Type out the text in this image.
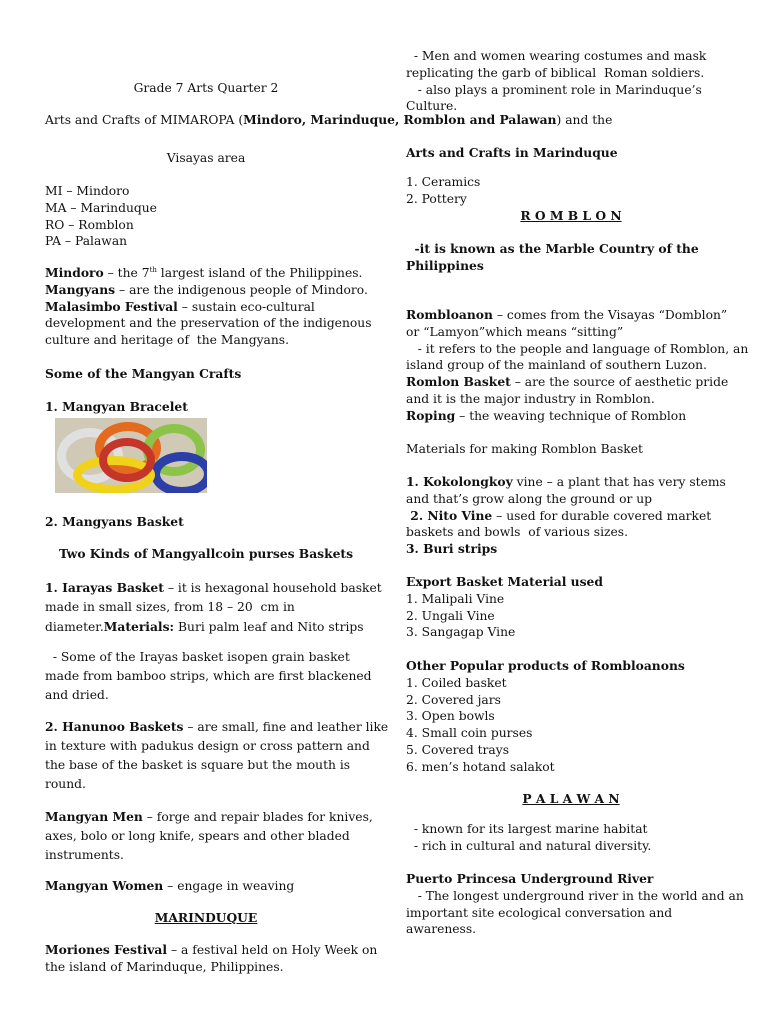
Grade 7 Arts Quarter 2
Arts and Crafts of MIMAROPA (Mindoro, Marinduque, Romblon and Palawan) and the
Visayas area
MI – Mindoro
MA – Marinduque
RO – Romblon
PA – Palawan
Mindoro – the 7th largest island of the Philippines.
Mangyans – are the indigenous people of Mindoro.
Malasimbo Festival – sustain eco-cultural
development and the preservation of the indigenous
culture and heritage of  the Mangyans.
Some of the Mangyan Crafts
1. Mangyan Bracelet
2. Mangyans Basket
Two Kinds of Mangyallcoin purses Baskets
1. Iarayas Basket – it is hexagonal household basket
made in small sizes, from 18 – 20  cm in
diameter.Materials: Buri palm leaf and Nito strips
- Some of the Irayas basket isopen grain basket
made from bamboo strips, which are first blackened
and dried.
2. Hanunoo Baskets – are small, fine and leather like
in texture with padukus design or cross pattern and
the base of the basket is square but the mouth is
round.
Mangyan Men – forge and repair blades for knives,
axes, bolo or long knife, spears and other bladed
instruments.
Mangyan Women – engage in weaving
MARINDUQUE
Moriones Festival – a festival held on Holy Week on
the island of Marinduque, Philippines.
- Men and women wearing costumes and mask
replicating the garb of biblical  Roman soldiers.
- also plays a prominent role in Marinduque’s
Culture.
Arts and Crafts in Marinduque
1. Ceramics
2. Pottery
R O M B L O N
-it is known as the Marble Country of the
Philippines
Rombloanon – comes from the Visayas “Domblon”
or “Lamyon”which means “sitting”
- it refers to the people and language of Romblon, an
island group of the mainland of southern Luzon.
Romlon Basket – are the source of aesthetic pride
and it is the major industry in Romblon.
Roping – the weaving technique of Romblon
Materials for making Romblon Basket
1. Kokolongkoy vine – a plant that has very stems
and that’s grow along the ground or up
2. Nito Vine – used for durable covered market
baskets and bowls  of various sizes.
3. Buri strips
Export Basket Material used
1. Malipali Vine
2. Ungali Vine
3. Sangagap Vine
Other Popular products of Rombloanons
1. Coiled basket
2. Covered jars
3. Open bowls
4. Small coin purses
5. Covered trays
6. men’s hotand salakot
P A L A W A N
- known for its largest marine habitat
- rich in cultural and natural diversity.
Puerto Princesa Underground River
- The longest underground river in the world and an
important site ecological conversation and
awareness.
